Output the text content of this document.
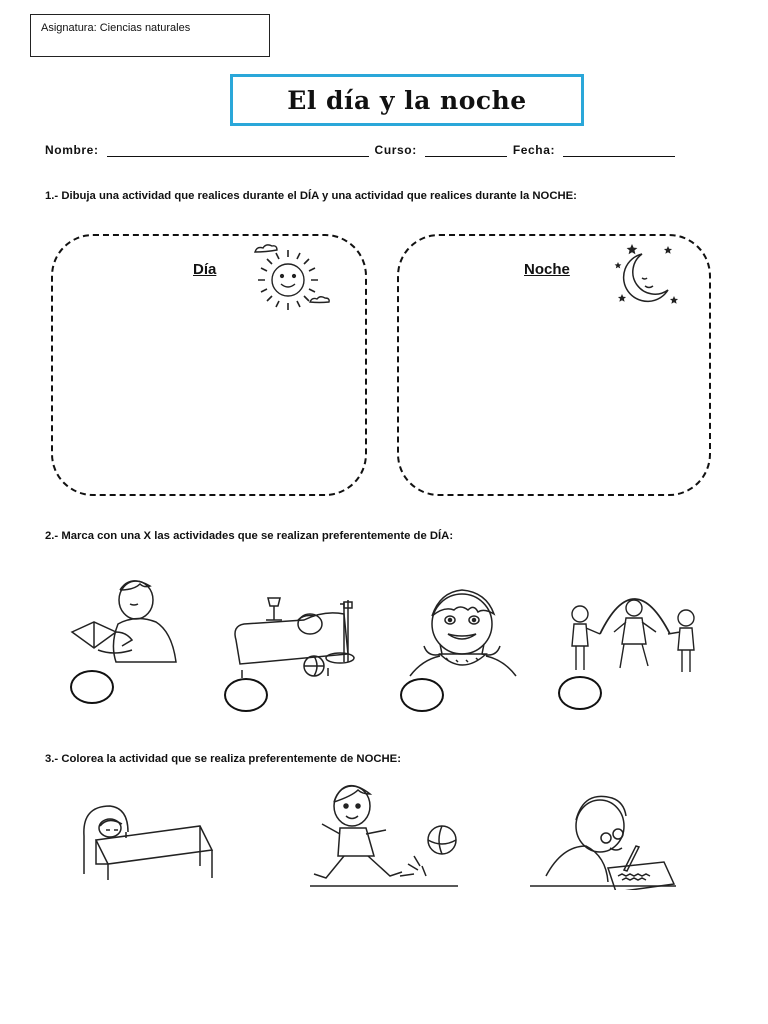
Asignatura: Ciencias naturales
El día y la noche
Nombre:	Curso:	Fecha:
1.- Dibuja una actividad que realices durante el DÍA y una actividad que realices durante la NOCHE:
Día	Noche
2.- Marca con una X las actividades que se realizan preferentemente de DÍA:
3.- Colorea la actividad que se realiza preferentemente de NOCHE:
